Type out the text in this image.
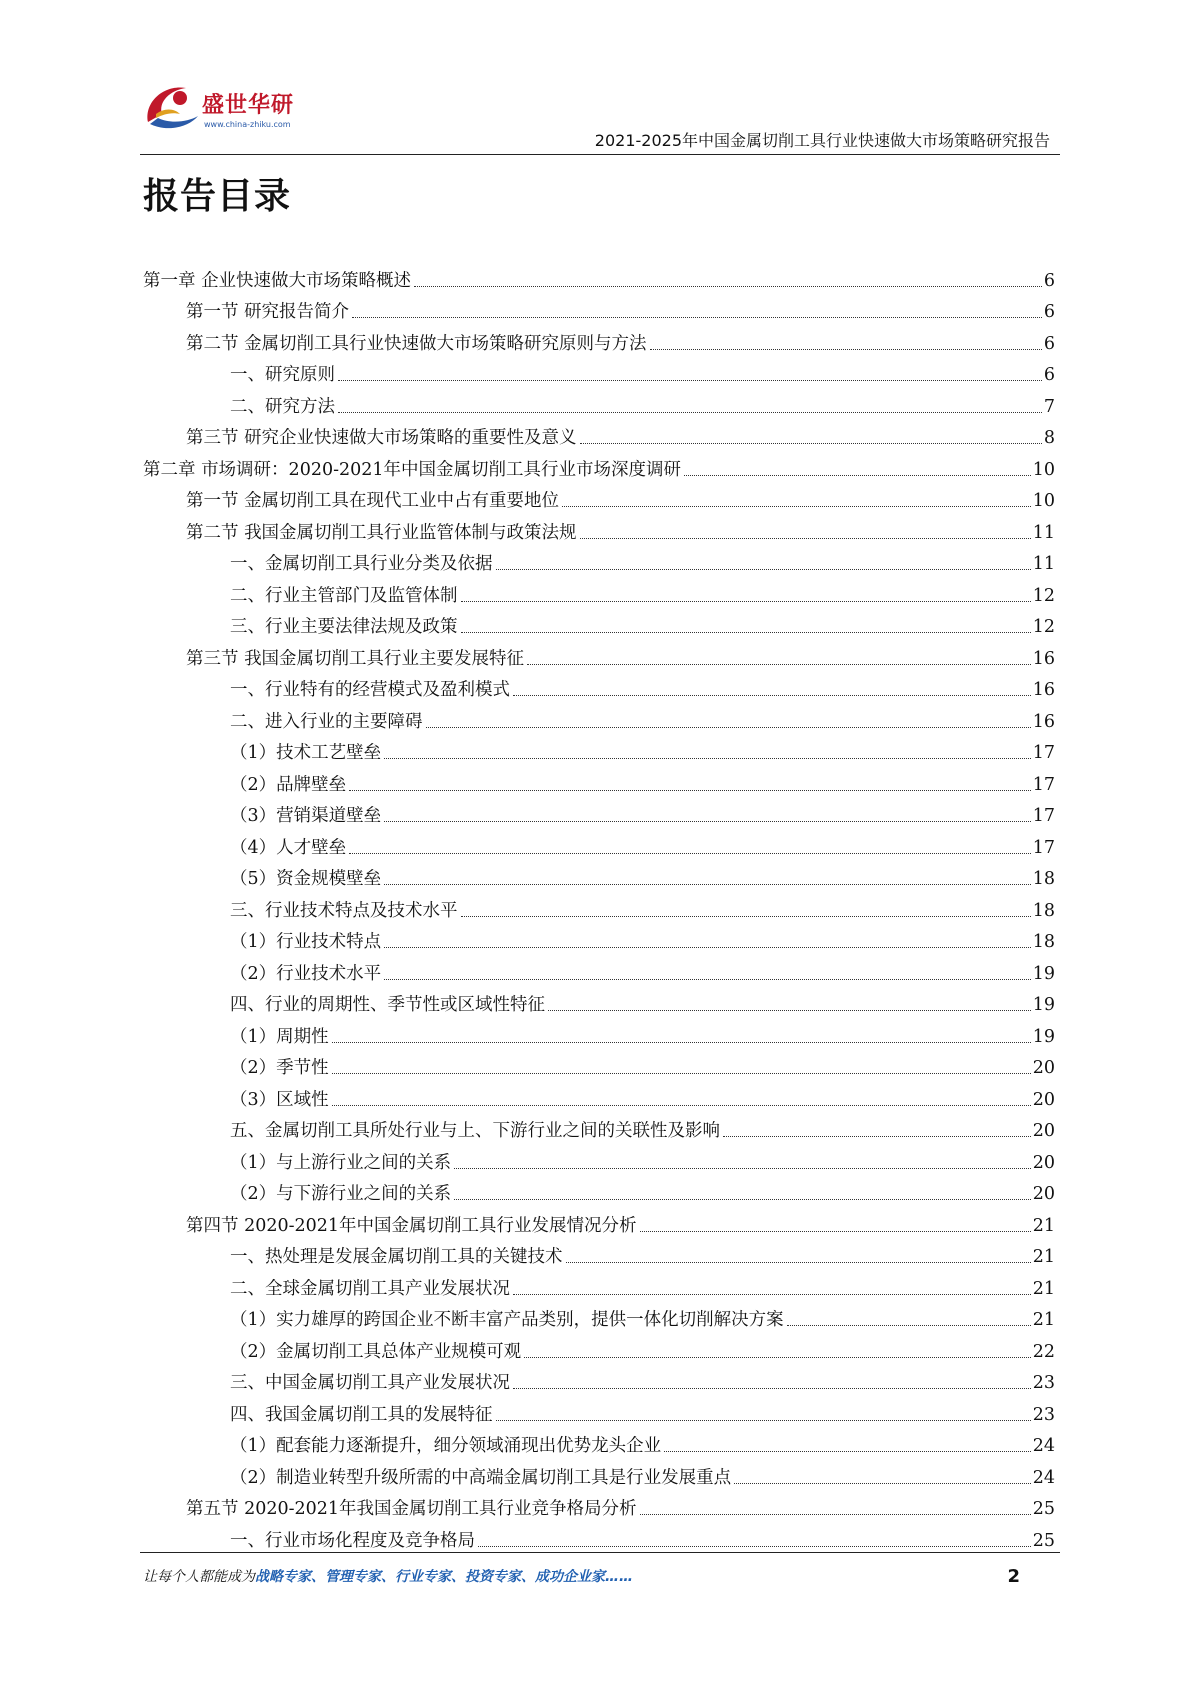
盛世华研
www.china-zhiku.com
2021-2025年中国金属切削工具行业快速做大市场策略研究报告
报告目录
第一章 企业快速做大市场策略概述	6
第一节 研究报告简介	6
第二节 金属切削工具行业快速做大市场策略研究原则与方法	6
一、研究原则	6
二、研究方法	7
第三节 研究企业快速做大市场策略的重要性及意义	8
第二章 市场调研：2020-2021年中国金属切削工具行业市场深度调研	10
第一节 金属切削工具在现代工业中占有重要地位	10
第二节 我国金属切削工具行业监管体制与政策法规	11
一、金属切削工具行业分类及依据	11
二、行业主管部门及监管体制	12
三、行业主要法律法规及政策	12
第三节 我国金属切削工具行业主要发展特征	16
一、行业特有的经营模式及盈利模式	16
二、进入行业的主要障碍	16
（1）技术工艺壁垒	17
（2）品牌壁垒	17
（3）营销渠道壁垒	17
（4）人才壁垒	17
（5）资金规模壁垒	18
三、行业技术特点及技术水平	18
（1）行业技术特点	18
（2）行业技术水平	19
四、行业的周期性、季节性或区域性特征	19
（1）周期性	19
（2）季节性	20
（3）区域性	20
五、金属切削工具所处行业与上、下游行业之间的关联性及影响	20
（1）与上游行业之间的关系	20
（2）与下游行业之间的关系	20
第四节 2020-2021年中国金属切削工具行业发展情况分析	21
一、热处理是发展金属切削工具的关键技术	21
二、全球金属切削工具产业发展状况	21
（1）实力雄厚的跨国企业不断丰富产品类别，提供一体化切削解决方案	21
（2）金属切削工具总体产业规模可观	22
三、中国金属切削工具产业发展状况	23
四、我国金属切削工具的发展特征	23
（1）配套能力逐渐提升，细分领域涌现出优势龙头企业	24
（2）制造业转型升级所需的中高端金属切削工具是行业发展重点	24
第五节 2020-2021年我国金属切削工具行业竞争格局分析	25
一、行业市场化程度及竞争格局	25
让每个人都能成为战略专家、管理专家、行业专家、投资专家、成功企业家……	2
